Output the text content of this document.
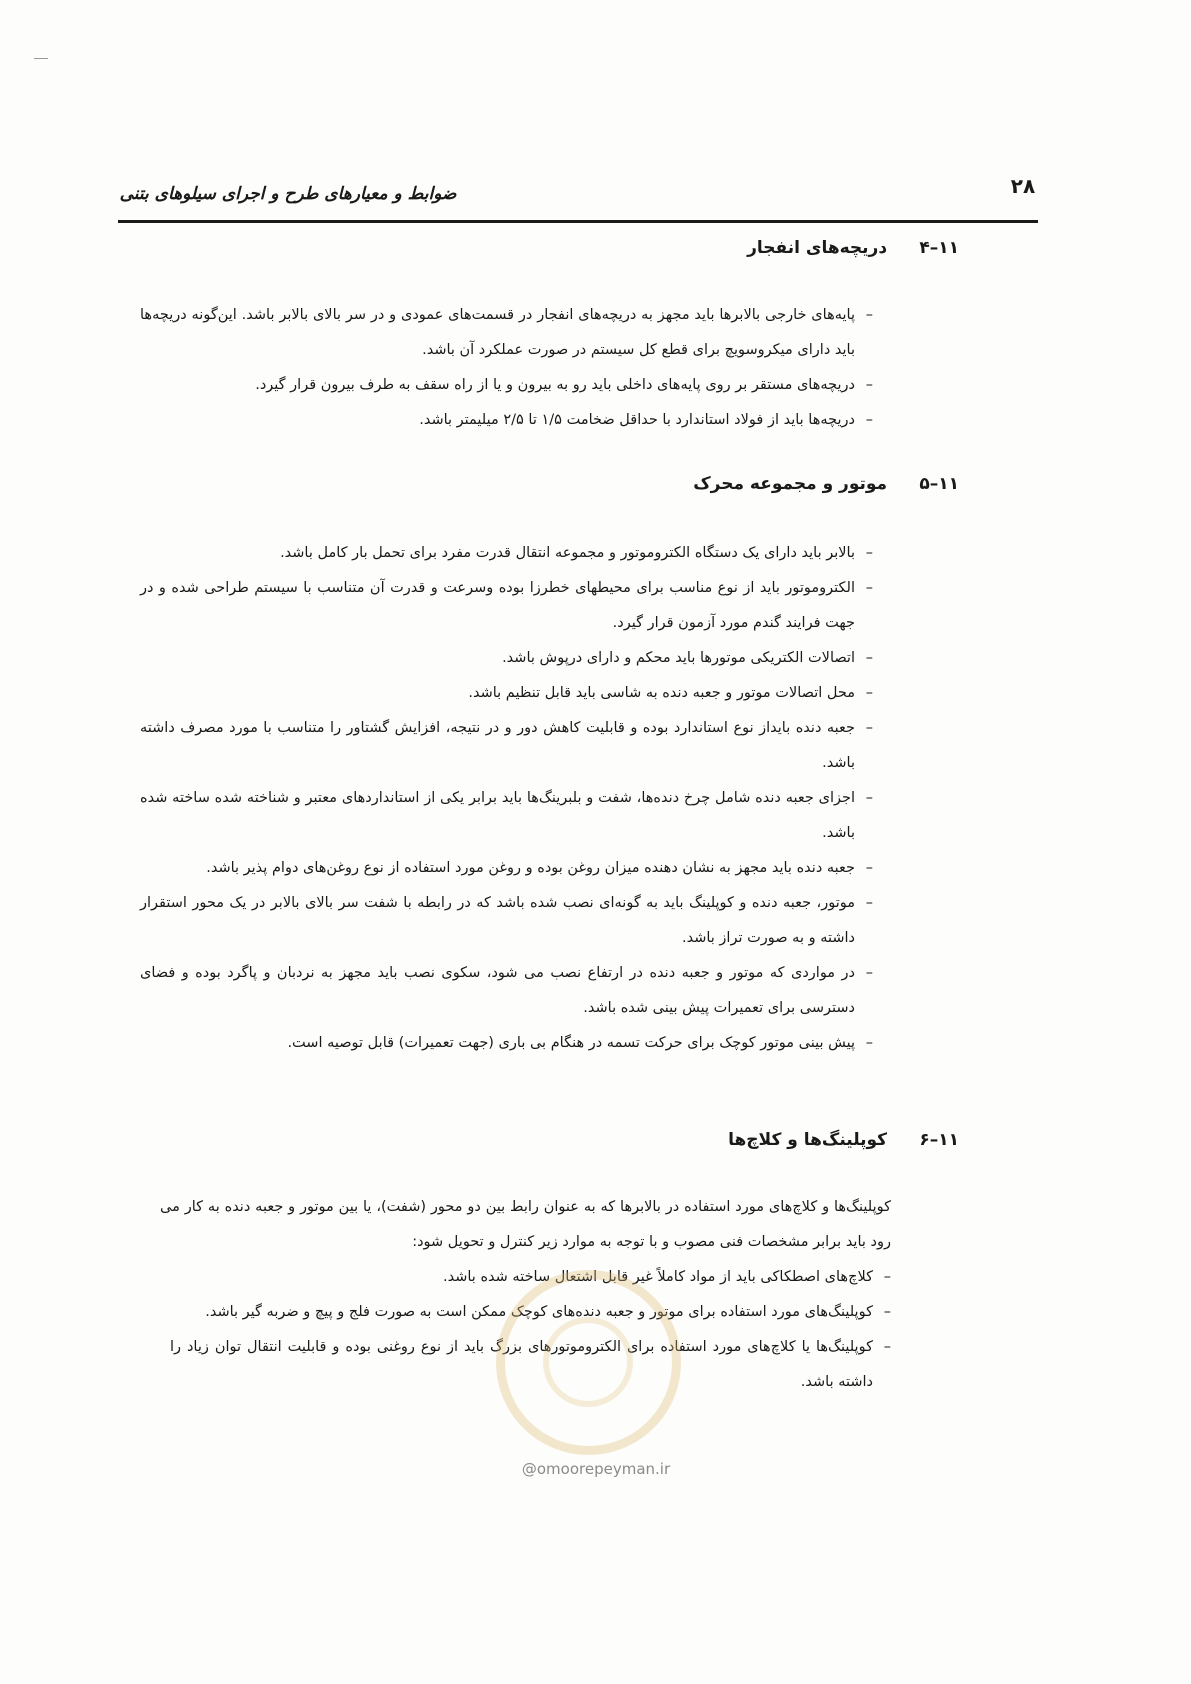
۲۸
ضوابط و معیارهای طرح و اجرای سیلوهای بتنی
۱۱–۴ دریچه‌های انفجار
– پایه‌های خارجی بالابرها باید مجهز به دریچه‌های انفجار در قسمت‌های عمودی و در سر بالای بالابر باشد. این‌گونه دریچه‌ها باید دارای میکروسویچ برای قطع کل سیستم در صورت عملکرد آن باشد.
– دریچه‌های مستقر بر روی پایه‌های داخلی باید رو به بیرون و یا از راه سقف به طرف بیرون قرار گیرد.
– دریچه‌ها باید از فولاد استاندارد با حداقل ضخامت ۱/۵ تا ۲/۵ میلیمتر باشد.
۱۱–۵ موتور و مجموعه محرک
– بالابر باید دارای یک دستگاه الکتروموتور و مجموعه انتقال قدرت مفرد برای تحمل بار کامل باشد.
– الکتروموتور باید از نوع مناسب برای محیطهای خطرزا بوده وسرعت و قدرت آن متناسب با سیستم طراحی شده و در جهت فرایند گندم مورد آزمون قرار گیرد.
– اتصالات الکتریکی موتورها باید محکم و دارای درپوش باشد.
– محل اتصالات موتور و جعبه دنده به شاسی باید قابل تنظیم باشد.
– جعبه دنده بایداز نوع استاندارد بوده و قابلیت کاهش دور و در نتیجه، افزایش گشتاور را متناسب با مورد مصرف داشته باشد.
– اجزای جعبه دنده شامل چرخ دنده‌ها، شفت و بلبرینگ‌ها باید برابر یکی از استانداردهای معتبر و شناخته شده ساخته شده باشد.
– جعبه دنده باید مجهز به نشان دهنده میزان روغن بوده و روغن مورد استفاده از نوع روغن‌های دوام پذیر باشد.
– موتور، جعبه دنده و کوپلینگ باید به گونه‌ای نصب شده باشد که در رابطه با شفت سر بالای بالابر در یک محور استقرار داشته و به صورت تراز باشد.
– در مواردی که موتور و جعبه دنده در ارتفاع نصب می شود، سکوی نصب باید مجهز به نردبان و پاگرد بوده و فضای دسترسی برای تعمیرات پیش بینی شده باشد.
– پیش بینی موتور کوچک برای حرکت تسمه در هنگام بی باری (جهت تعمیرات) قابل توصیه است.
۱۱–۶ کوپلینگ‌ها و کلاچ‌ها
کوپلینگ‌ها و کلاچ‌های مورد استفاده در بالابرها که به عنوان رابط بین دو محور (شفت)، یا بین موتور و جعبه دنده به کار می رود باید برابر مشخصات فنی مصوب و با توجه به موارد زیر کنترل و تحویل شود:
– کلاچ‌های اصطکاکی باید از مواد کاملاً غیر قابل اشتعال ساخته شده باشد.
– کوپلینگ‌های مورد استفاده برای موتور و جعبه دنده‌های کوچک ممکن است به صورت فلج و پیچ و ضربه گیر باشد.
– کوپلینگ‌ها یا کلاچ‌های مورد استفاده برای الکتروموتورهای بزرگ باید از نوع روغنی بوده و قابلیت انتقال توان زیاد را داشته باشد.
@omoorepeyman.ir
